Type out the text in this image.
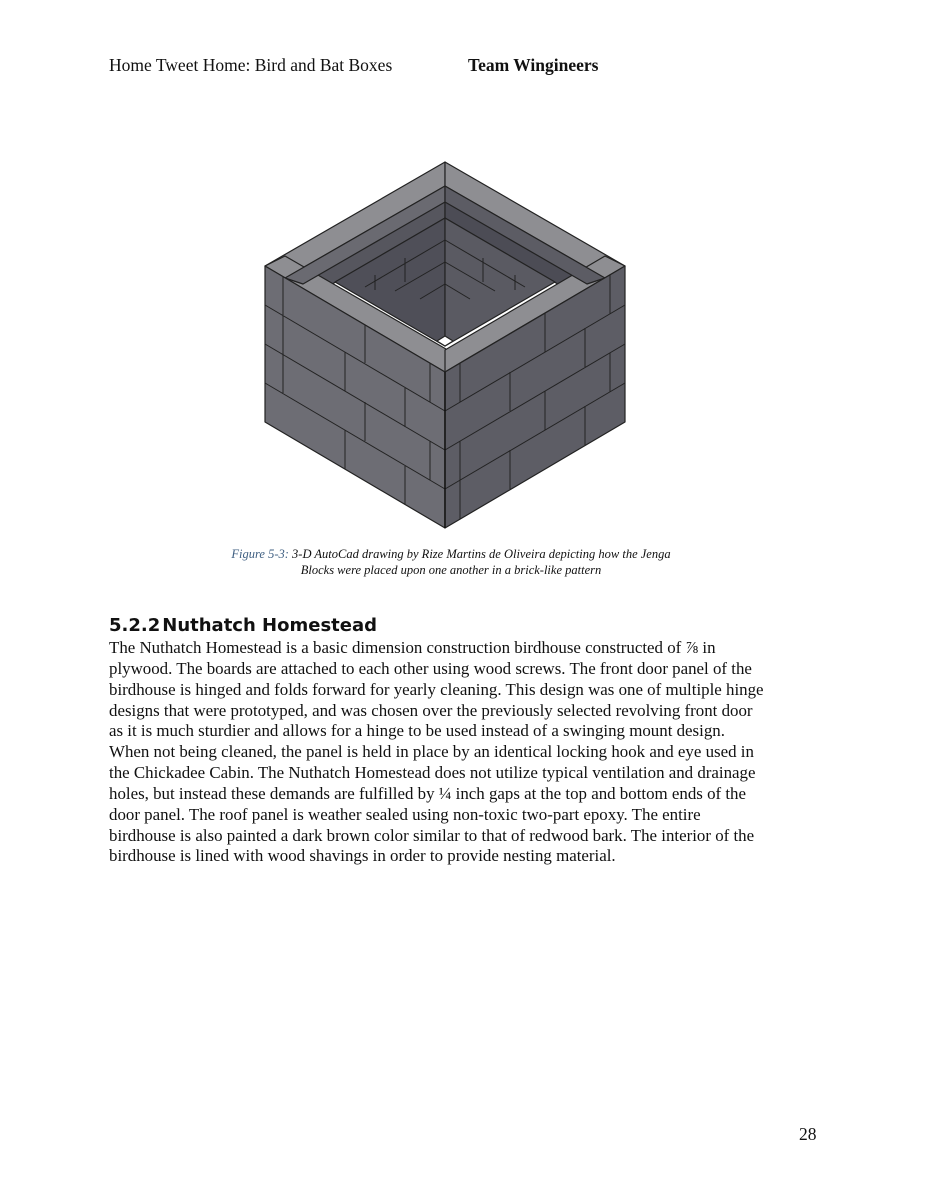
Home Tweet Home: Bird and Bat Boxes	Team Wingineers
Figure 5-3: 3-D AutoCad drawing by Rize Martins de Oliveira depicting how the Jenga
Blocks were placed upon one another in a brick-like pattern
5.2.2 Nuthatch Homestead
The Nuthatch Homestead is a basic dimension construction birdhouse constructed of ⅞ in
plywood. The boards are attached to each other using wood screws. The front door panel of the
birdhouse is hinged and folds forward for yearly cleaning. This design was one of multiple hinge
designs that were prototyped, and was chosen over the previously selected revolving front door
as it is much sturdier and allows for a hinge to be used instead of a swinging mount design.
When not being cleaned, the panel is held in place by an identical locking hook and eye used in
the Chickadee Cabin. The Nuthatch Homestead does not utilize typical ventilation and drainage
holes, but instead these demands are fulfilled by ¼ inch gaps at the top and bottom ends of the
door panel. The roof panel is weather sealed using non-toxic two-part epoxy. The entire
birdhouse is also painted a dark brown color similar to that of redwood bark. The interior of the
birdhouse is lined with wood shavings in order to provide nesting material.
28
